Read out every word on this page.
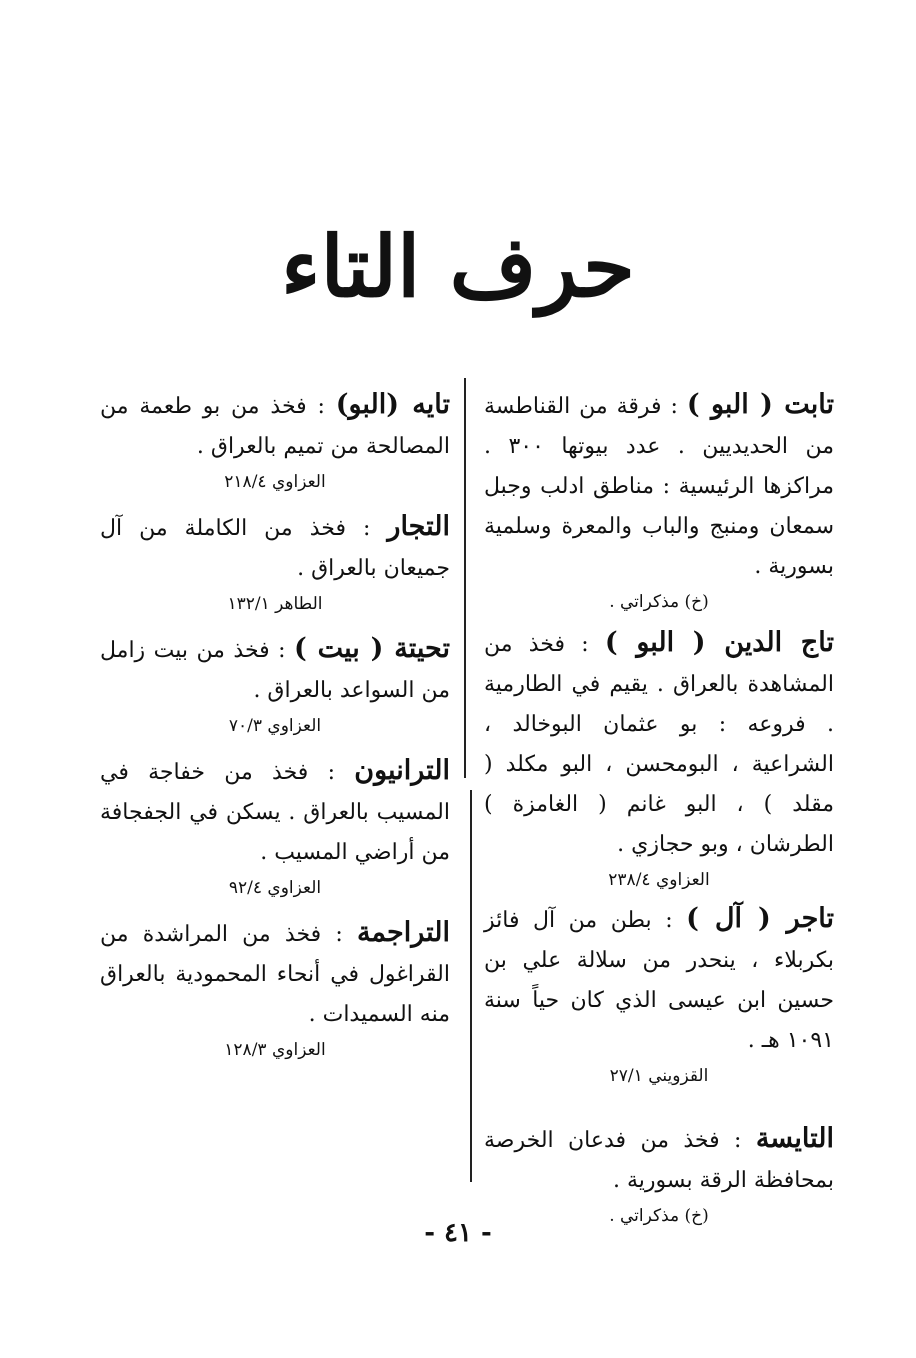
حرف التاء
تابت ( البو ) : فرقة من القناطسة من الحديديين . عدد بيوتها ٣٠٠ . مراكزها الرئيسية : مناطق ادلب وجبل سمعان ومنبج والباب والمعرة وسلمية بسورية .
(خ) مذكراتي .
تاج الدين ( البو ) : فخذ من المشاهدة بالعراق . يقيم في الطارمية . فروعه : بو عثمان البوخالد ، الشراعية ، البومحسن ، البو مكلد ( مقلد ) ، البو غانم ( الغامزة ) الطرشان ، وبو حجازي .
العزاوي ٢٣٨/٤
تاجر ( آل ) : بطن من آل فائز بكربلاء ، ينحدر من سلالة علي بن حسين ابن عيسى الذي كان حياً سنة ١٠٩١ هـ .
القزويني ٢٧/١
التايسة : فخذ من فدعان الخرصة بمحافظة الرقة بسورية .
(خ) مذكراتي .
تايه (البو) : فخذ من بو طعمة من المصالحة من تميم بالعراق .
العزاوي ٢١٨/٤
التجار : فخذ من الكاملة من آل جميعان بالعراق .
الطاهر ١٣٢/١
تحيتة ( بيت ) : فخذ من بيت زامل من السواعد بالعراق .
العزاوي ٧٠/٣
الترانيون : فخذ من خفاجة في المسيب بالعراق . يسكن في الجفجافة من أراضي المسيب .
العزاوي ٩٢/٤
التراجمة : فخذ من المراشدة من القراغول في أنحاء المحمودية بالعراق منه السميدات .
العزاوي ١٢٨/٣
- ٤١ -
